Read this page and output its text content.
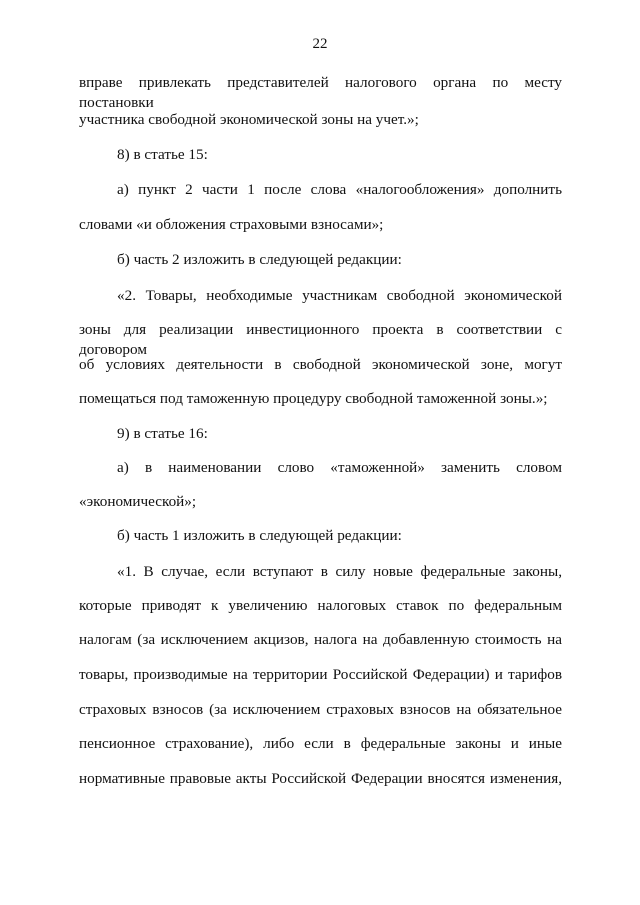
22
вправе привлекать представителей налогового органа по месту постановки
участника свободной экономической зоны на учет.»;
8) в статье 15:
а) пункт 2 части 1 после слова «налогообложения» дополнить
словами «и обложения страховыми взносами»;
б) часть 2 изложить в следующей редакции:
«2. Товары, необходимые участникам свободной экономической
зоны для реализации инвестиционного проекта в соответствии с договором
об условиях деятельности в свободной экономической зоне, могут
помещаться под таможенную процедуру свободной таможенной зоны.»;
9) в статье 16:
а) в наименовании слово «таможенной» заменить словом
«экономической»;
б) часть 1 изложить в следующей редакции:
«1. В случае, если вступают в силу новые федеральные законы,
которые приводят к увеличению налоговых ставок по федеральным
налогам (за исключением акцизов, налога на добавленную стоимость на
товары, производимые на территории Российской Федерации) и тарифов
страховых взносов (за исключением страховых взносов на обязательное
пенсионное страхование), либо если в федеральные законы и иные
нормативные правовые акты Российской Федерации вносятся изменения,
